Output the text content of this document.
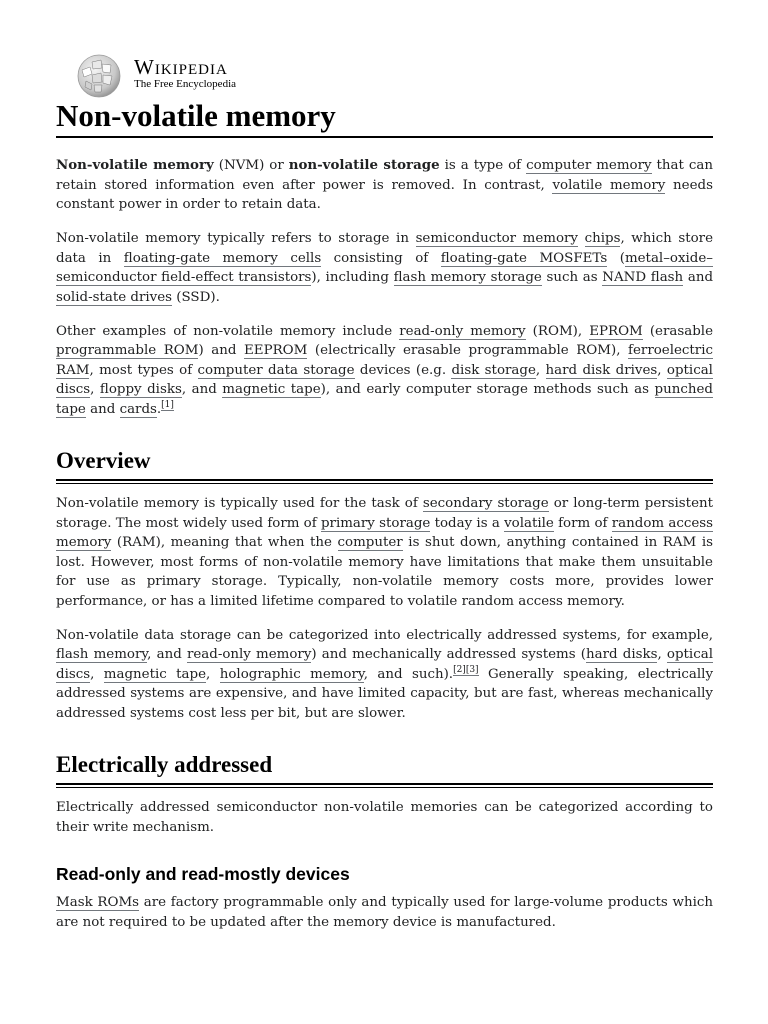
Wikipedia
The Free Encyclopedia
Non-volatile memory

Non-volatile memory (NVM) or non-volatile storage is a type of computer memory that can retain stored information even after power is removed. In contrast, volatile memory needs constant power in order to retain data.

Non-volatile memory typically refers to storage in semiconductor memory chips, which store data in floating-gate memory cells consisting of floating-gate MOSFETs (metal–oxide–semiconductor field-effect transistors), including flash memory storage such as NAND flash and solid-state drives (SSD).

Other examples of non-volatile memory include read-only memory (ROM), EPROM (erasable programmable ROM) and EEPROM (electrically erasable programmable ROM), ferroelectric RAM, most types of computer data storage devices (e.g. disk storage, hard disk drives, optical discs, floppy disks, and magnetic tape), and early computer storage methods such as punched tape and cards.[1]

Overview

Non-volatile memory is typically used for the task of secondary storage or long-term persistent storage. The most widely used form of primary storage today is a volatile form of random access memory (RAM), meaning that when the computer is shut down, anything contained in RAM is lost. However, most forms of non-volatile memory have limitations that make them unsuitable for use as primary storage. Typically, non-volatile memory costs more, provides lower performance, or has a limited lifetime compared to volatile random access memory.

Non-volatile data storage can be categorized into electrically addressed systems, for example, flash memory, and read-only memory) and mechanically addressed systems (hard disks, optical discs, magnetic tape, holographic memory, and such).[2][3] Generally speaking, electrically addressed systems are expensive, and have limited capacity, but are fast, whereas mechanically addressed systems cost less per bit, but are slower.

Electrically addressed

Electrically addressed semiconductor non-volatile memories can be categorized according to their write mechanism.

Read-only and read-mostly devices

Mask ROMs are factory programmable only and typically used for large-volume products which are not required to be updated after the memory device is manufactured.
